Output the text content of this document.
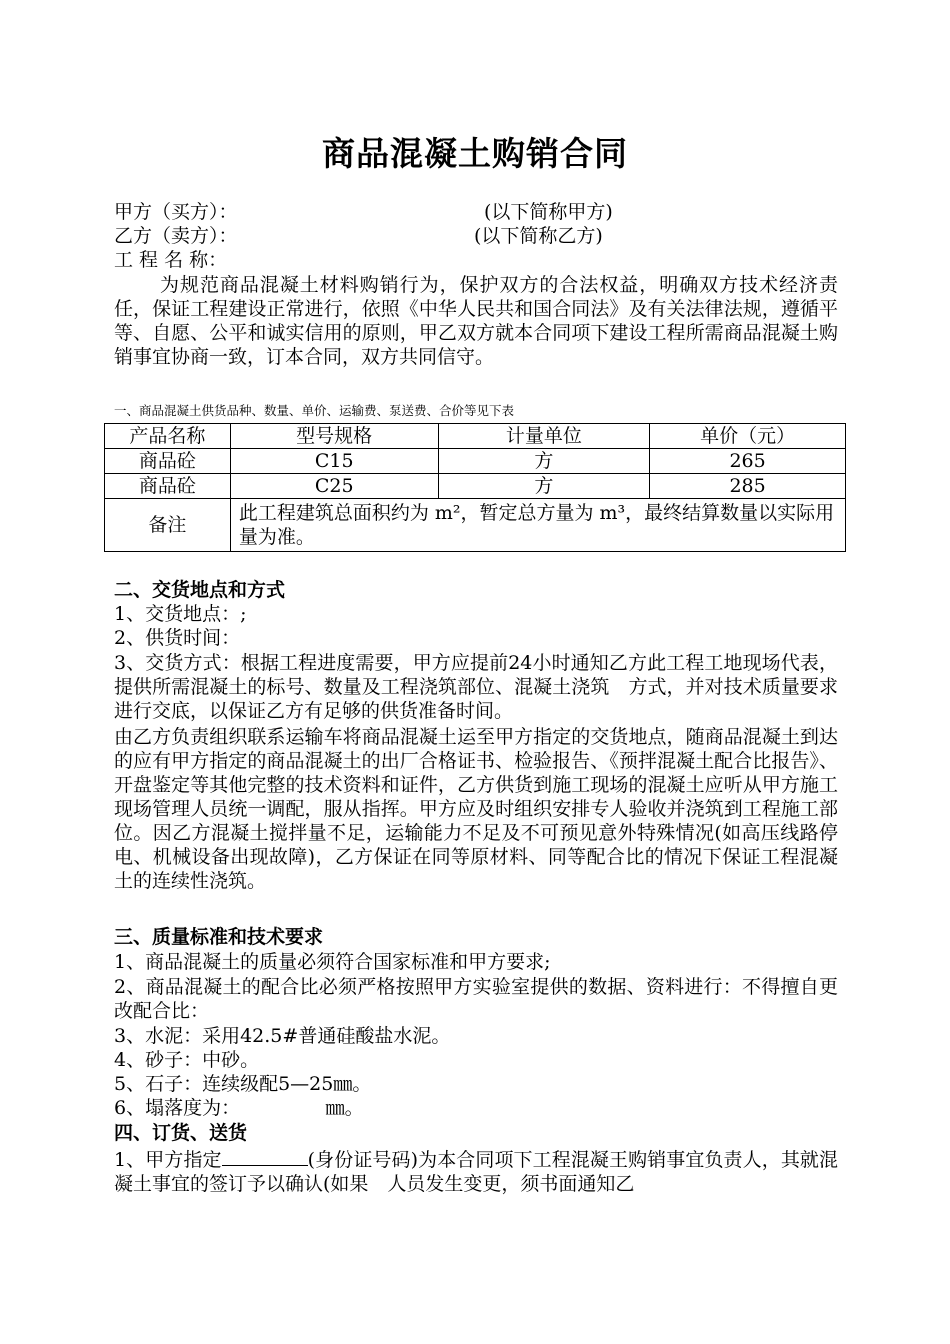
商品混凝土购销合同
甲方（买方）：	(以下简称甲方)
乙方（卖方）：	(以下简称乙方)
工 程 名 称：
为规范商品混凝土材料购销行为，保护双方的合法权益，明确双方技术经济责任，保证工程建设正常进行，依照《中华人民共和国合同法》及有关法律法规，遵循平等、自愿、公平和诚实信用的原则，甲乙双方就本合同项下建设工程所需商品混凝土购销事宜协商一致，订本合同，双方共同信守。
一、商品混凝土供货品种、数量、单价、运输费、泵送费、合价等见下表
产品名称	型号规格	计量单位	单价（元）
商品砼	C15	方	265
商品砼	C25	方	285
备注	此工程建筑总面积约为 m²，暂定总方量为 m³，最终结算数量以实际用量为准。		
二、交货地点和方式
1、交货地点：;
2、供货时间：
3、交货方式：根据工程进度需要，甲方应提前24小时通知乙方此工程工地现场代表，提供所需混凝土的标号、数量及工程浇筑部位、混凝土浇筑　方式，并对技术质量要求进行交底，以保证乙方有足够的供货准备时间。
由乙方负责组织联系运输车将商品混凝土运至甲方指定的交货地点，随商品混凝土到达的应有甲方指定的商品混凝土的出厂合格证书、检验报告、《预拌混凝土配合比报告》、开盘鉴定等其他完整的技术资料和证件，乙方供货到施工现场的混凝土应听从甲方施工现场管理人员统一调配，服从指挥。甲方应及时组织安排专人验收并浇筑到工程施工部位。因乙方混凝土搅拌量不足，运输能力不足及不可预见意外特殊情况(如高压线路停电、机械设备出现故障)，乙方保证在同等原材料、同等配合比的情况下保证工程混凝土的连续性浇筑。
三、质量标准和技术要求
1、商品混凝土的质量必须符合国家标准和甲方要求;
2、商品混凝土的配合比必须严格按照甲方实验室提供的数据、资料进行：不得擅自更改配合比：
3、水泥：采用42.5#普通硅酸盐水泥。
4、砂子：中砂。
5、石子：连续级配5—25㎜。
6、塌落度为：　　　　　㎜。
四、订货、送货
1、甲方指定	(身份证号码)为本合同项下工程混凝王购销事宜负责人，其就混凝土事宜的签订予以确认(如果　人员发生变更，须书面通知乙
